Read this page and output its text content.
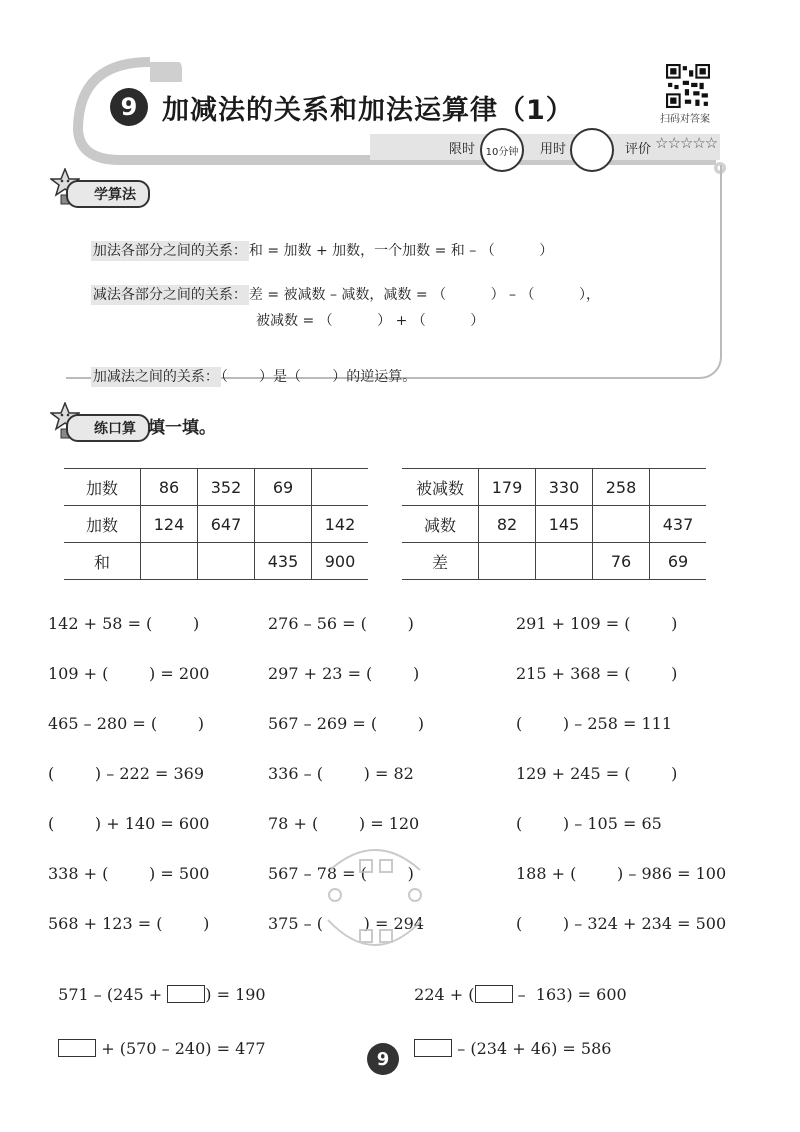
9 加减法的关系和加法运算律（1）	扫码对答案
限时 10分钟 用时	评价 ☆☆☆☆☆
学算法

加法各部分之间的关系： 和 = 加数 + 加数，一个加数 = 和 – （          ）

减法各部分之间的关系： 差 = 被减数 – 减数，减数 = （          ） – （          ），

被减数 = （          ） + （          ）

加减法之间的关系： （       ）是（       ）的逆运算。

练口算 填一填。
加数	86	352	69	
加数	124	647		142
和			435	900
被减数	179	330	258	
减数	82	145		437
差			76	69
142 + 58 = (        )	276 – 56 = (        )	291 + 109 = (        )
109 + (        ) = 200	297 + 23 = (        )	215 + 368 = (        )
465 – 280 = (        )	567 – 269 = (        )	(        ) – 258 = 111
(        ) – 222 = 369	336 – (        ) = 82	129 + 245 = (        )
(        ) + 140 = 600	78 + (        ) = 120	(        ) – 105 = 65
338 + (        ) = 500	567 – 78 = (        )	188 + (        ) – 986 = 100
568 + 123 = (        )	375 – (        ) = 294	(        ) – 324 + 234 = 500

571 – (245 + ) = 190	224 + ( –  163) = 600

+ (570 – 240) = 477	– (234 + 46) = 586

9
